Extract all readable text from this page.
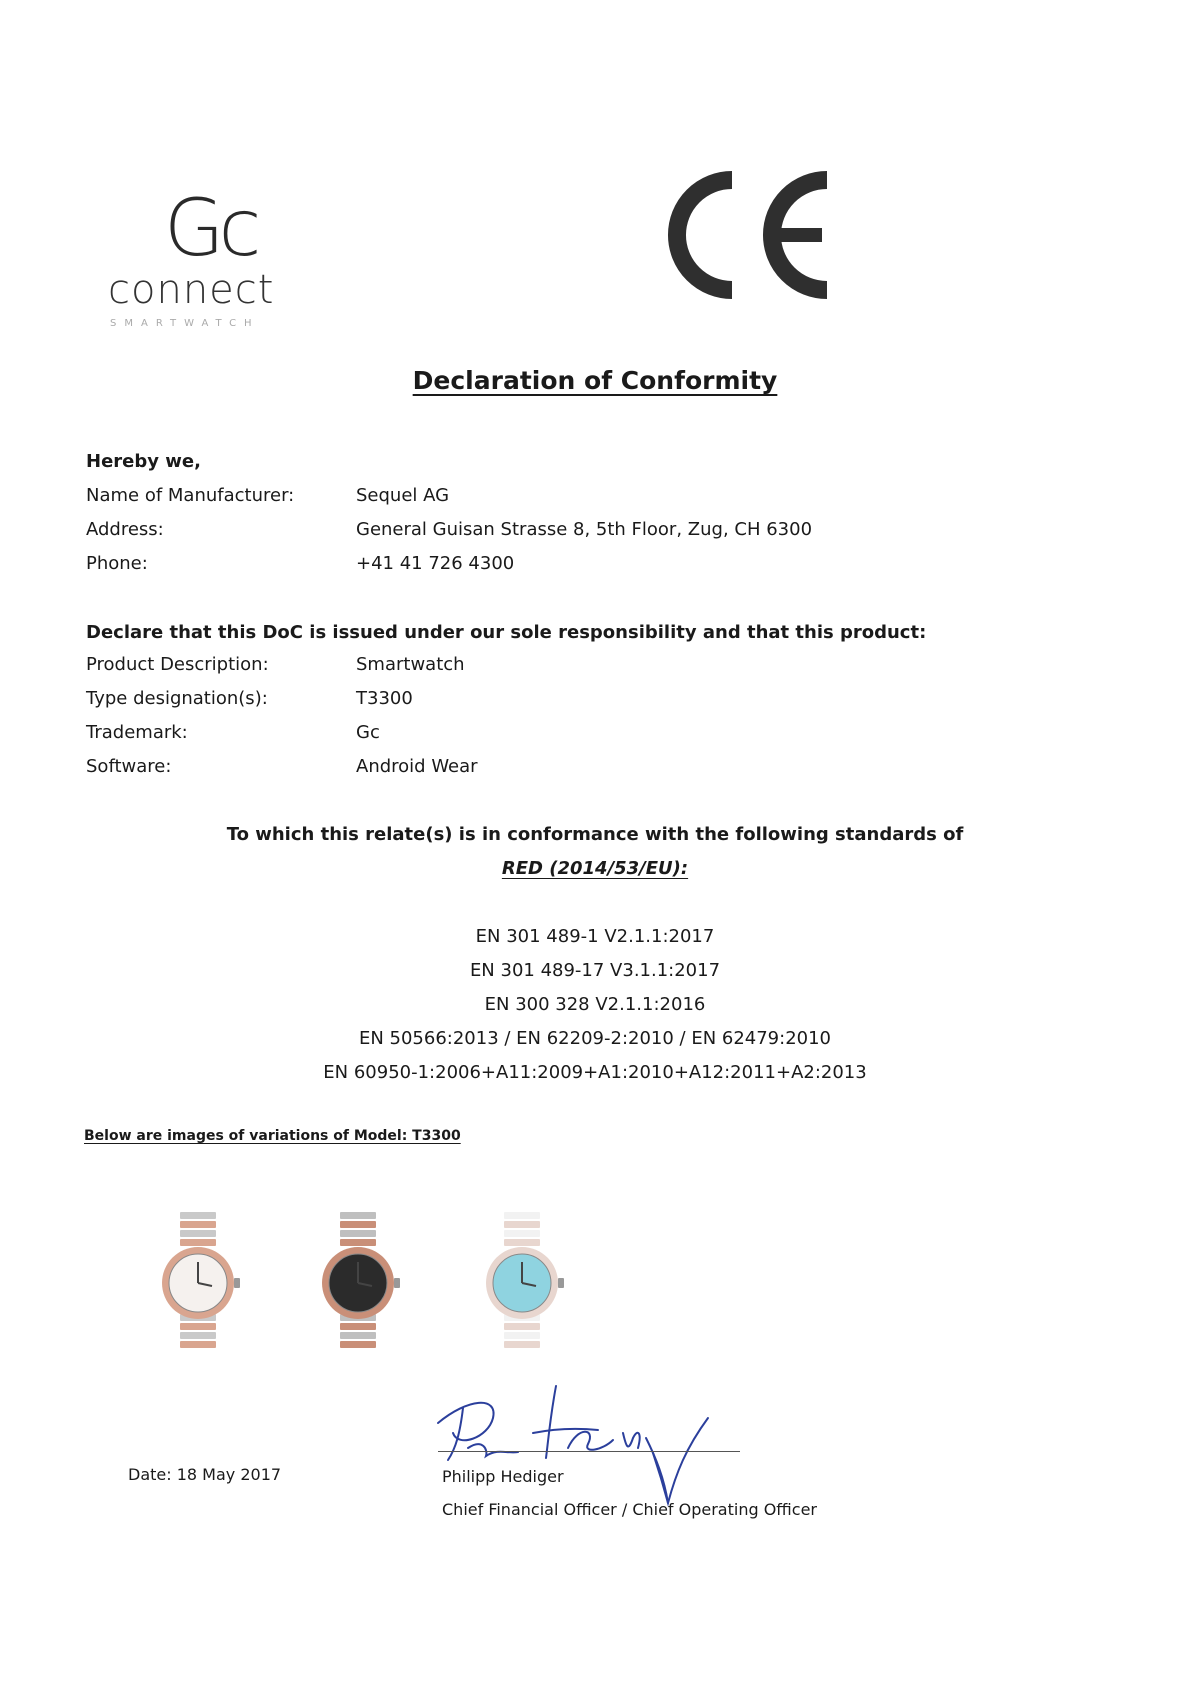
Gc
connect
SMARTWATCH
Declaration of Conformity
Hereby we,
Name of Manufacturer:	Sequel AG
Address:	General Guisan Strasse 8, 5th Floor, Zug, CH 6300
Phone:	+41 41 726 4300
Declare that this DoC is issued under our sole responsibility and that this product:
Product Description:	Smartwatch
Type designation(s):	T3300
Trademark:	Gc
Software:	Android Wear
To which this relate(s) is in conformance with the following standards of
RED (2014/53/EU):
EN 301 489-1 V2.1.1:2017
EN 301 489-17 V3.1.1:2017
EN 300 328 V2.1.1:2016
EN 50566:2013 / EN 62209-2:2010 / EN 62479:2010
EN 60950-1:2006+A11:2009+A1:2010+A12:2011+A2:2013
Below are images of variations of Model: T3300
Date: 18 May 2017	Philipp Hediger
Chief Financial Officer / Chief Operating Officer
